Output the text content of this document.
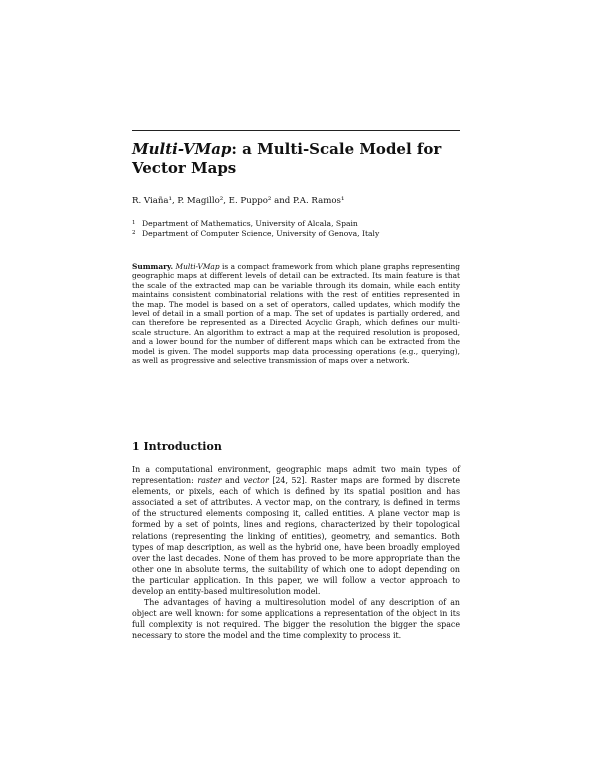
Multi-VMap: a Multi-Scale Model for Vector Maps
R. Viaña¹, P. Magillo², E. Puppo² and P.A. Ramos¹
1 Department of Mathematics, University of Alcala, Spain
2 Department of Computer Science, University of Genova, Italy
Summary. Multi-VMap is a compact framework from which plane graphs representing geographic maps at different levels of detail can be extracted. Its main feature is that the scale of the extracted map can be variable through its domain, while each entity maintains consistent combinatorial relations with the rest of entities represented in the map. The model is based on a set of operators, called updates, which modify the level of detail in a small portion of a map. The set of updates is partially ordered, and can therefore be represented as a Directed Acyclic Graph, which defines our multi-scale structure. An algorithm to extract a map at the required resolution is proposed, and a lower bound for the number of different maps which can be extracted from the model is given. The model supports map data processing operations (e.g., querying), as well as progressive and selective transmission of maps over a network.
1 Introduction

In a computational environment, geographic maps admit two main types of representation: raster and vector [24, 52]. Raster maps are formed by discrete elements, or pixels, each of which is defined by its spatial position and has associated a set of attributes. A vector map, on the contrary, is defined in terms of the structured elements composing it, called entities. A plane vector map is formed by a set of points, lines and regions, characterized by their topological relations (representing the linking of entities), geometry, and semantics. Both types of map description, as well as the hybrid one, have been broadly employed over the last decades. None of them has proved to be more appropriate than the other one in absolute terms, the suitability of which one to adopt depending on the particular application. In this paper, we will follow a vector approach to develop an entity-based multiresolution model.

The advantages of having a multiresolution model of any description of an object are well known: for some applications a representation of the object in its full complexity is not required. The bigger the resolution the bigger the space necessary to store the model and the time complexity to process it.
